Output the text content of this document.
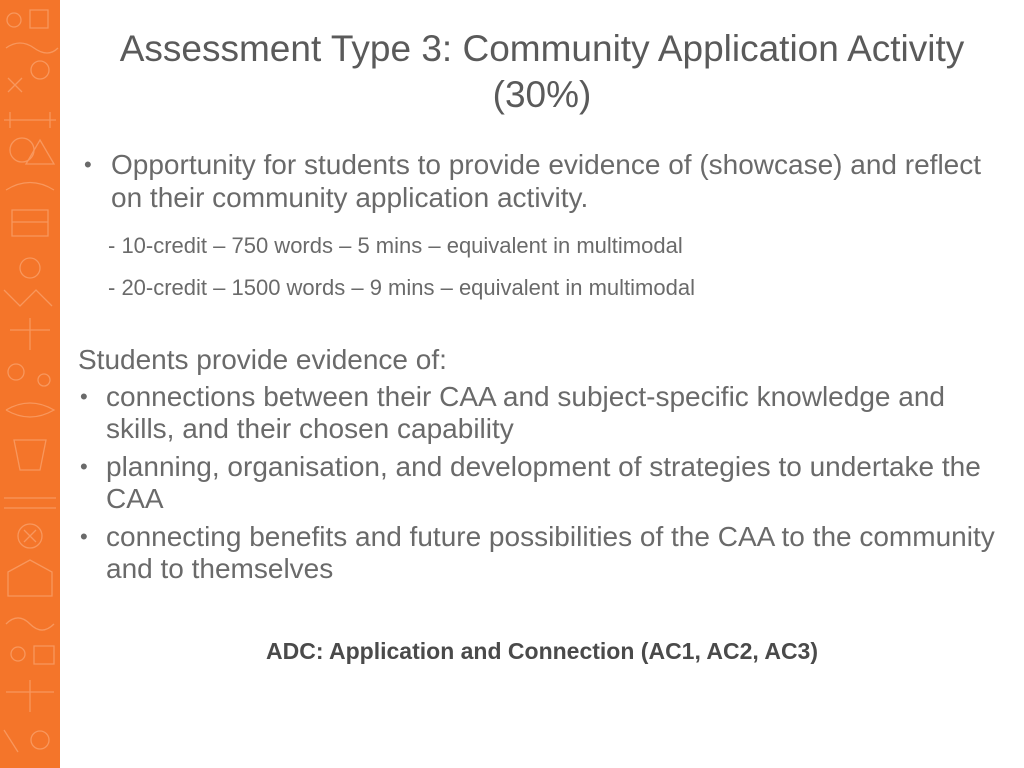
Assessment Type 3: Community Application Activity
(30%)
• Opportunity for students to provide evidence of (showcase) and reflect on their community application activity.
- 10-credit – 750 words – 5 mins – equivalent in multimodal
- 20-credit – 1500 words – 9 mins – equivalent in multimodal
Students provide evidence of:
• connections between their CAA and subject-specific knowledge and skills, and their chosen capability
• planning, organisation, and development of strategies to undertake the CAA
• connecting benefits and future possibilities of the CAA to the community and to themselves
ADC: Application and Connection (AC1, AC2, AC3)
